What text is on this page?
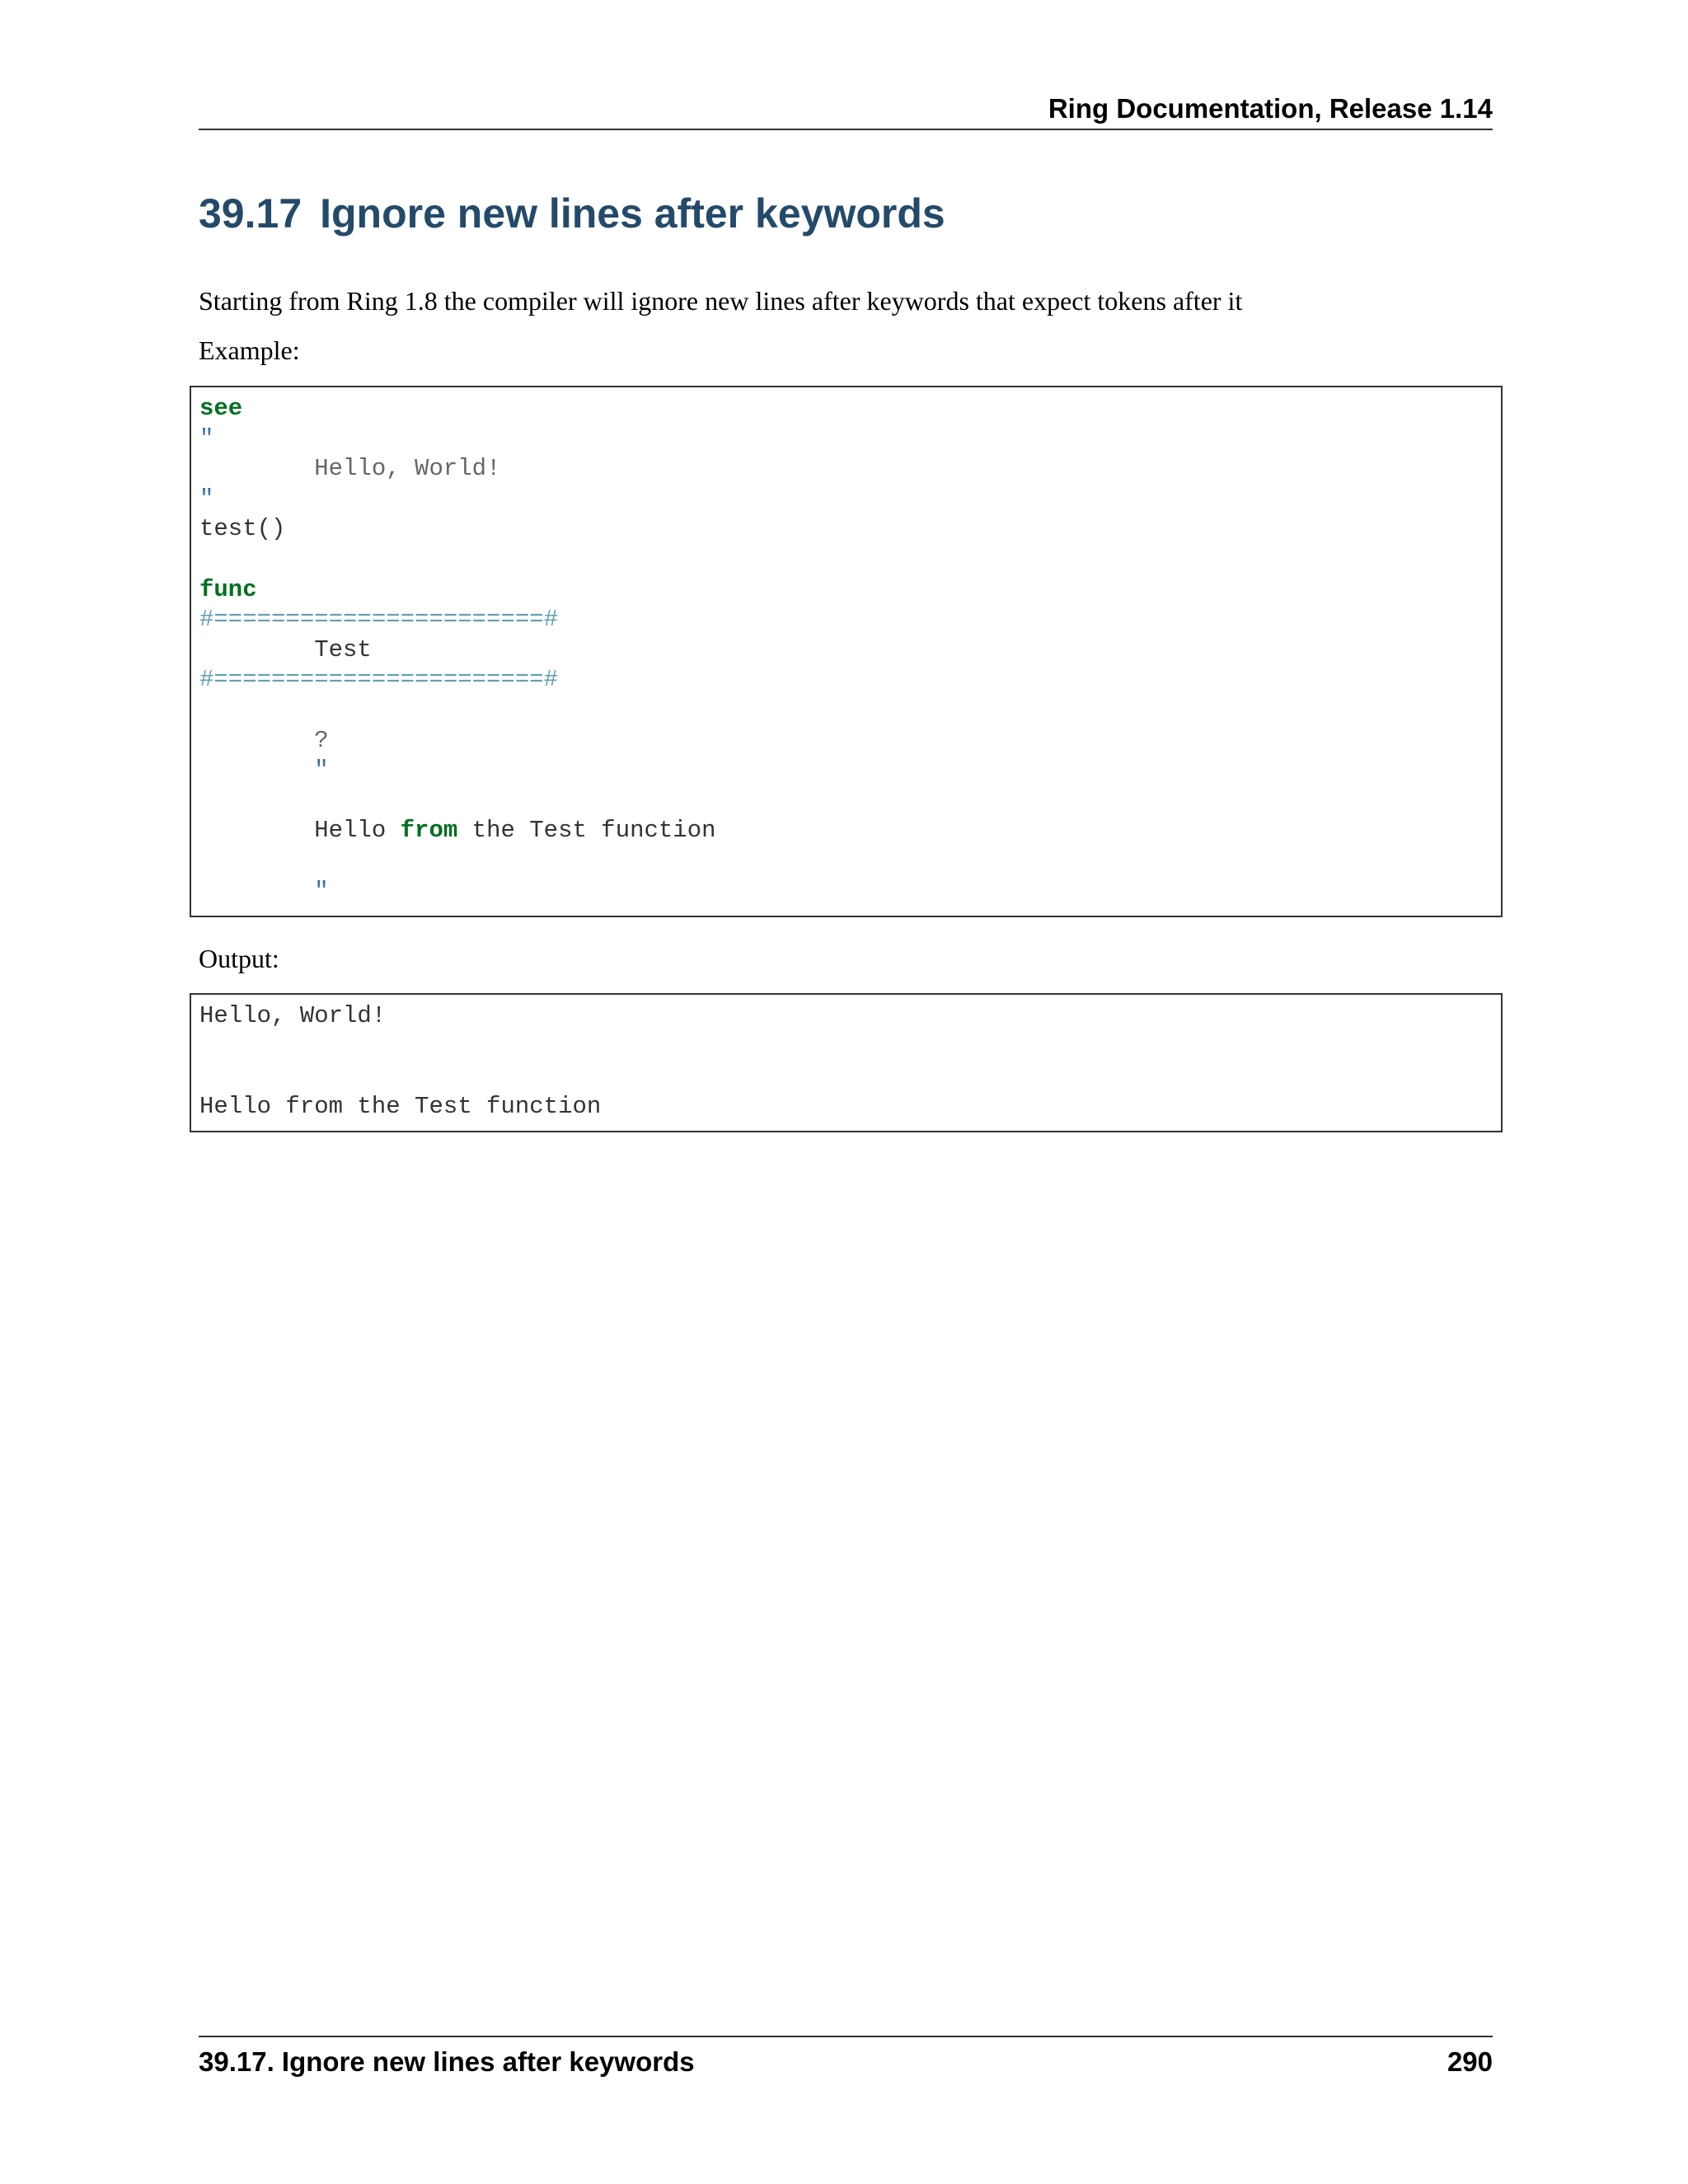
Ring Documentation, Release 1.14
39.17 Ignore new lines after keywords

Starting from Ring 1.8 the compiler will ignore new lines after keywords that expect tokens after it

Example:

see
"
Hello, World!
"
test()

func
#=======================#
Test
#=======================#

?
"

Hello from the Test function

"

Output:

Hello, World!

Hello from the Test function
39.17. Ignore new lines after keywords	290
